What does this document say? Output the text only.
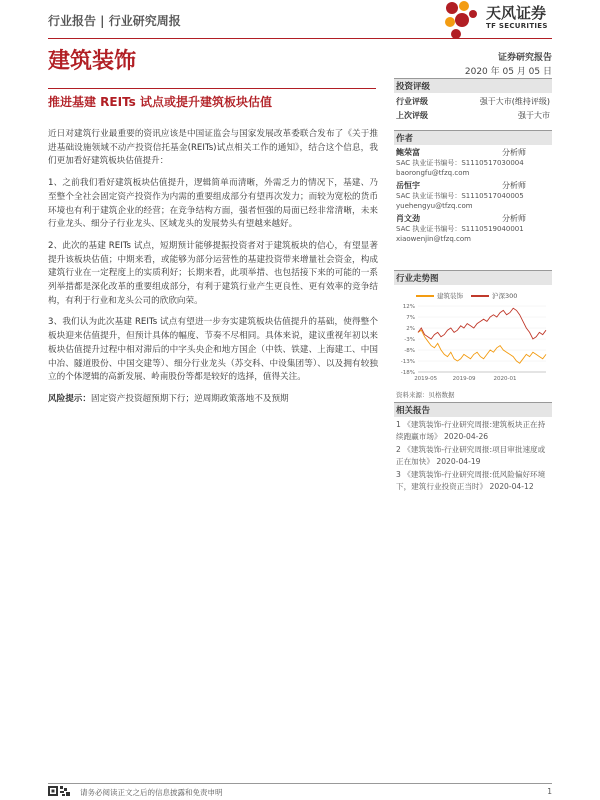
行业报告 | 行业研究周报	天风证券
TF SECURITIES
建筑装饰	证券研究报告
2020 年 05 月 05 日
推进基建 REITs 试点或提升建筑板块估值

近日对建筑行业最重要的资讯应该是中国证监会与国家发展改革委联合发布了《关于推进基础设施领域不动产投资信托基金(REITs)试点相关工作的通知》，结合这个信息，我们更加看好建筑板块估值提升：

1、之前我们看好建筑板块估值提升，逻辑简单而清晰，外需乏力的情况下，基建、乃至整个全社会固定资产投资作为内需的重要组成部分有望再次发力；而较为宽松的货币环境也有利于建筑企业的经营；在竞争结构方面，强者恒强的局面已经非常清晰，未来行业龙头、细分子行业龙头、区域龙头的发展势头有望越来越好。

2、此次的基建 REITs 试点，短期预计能够提振投资者对于建筑板块的信心，有望显著提升该板块估值；中期来看，或能够为部分运营性的基建投资带来增量社会资金，构成建筑行业在一定程度上的实质利好；长期来看，此项举措、也包括接下来的可能的一系列举措都是深化改革的重要组成部分，有利于建筑行业产生更良性、更有效率的竞争结构，有利于行业和龙头公司的欣欣向荣。

3、我们认为此次基建 REITs 试点有望进一步夯实建筑板块估值提升的基础，使得整个板块迎来估值提升，但预计具体的幅度、节奏不尽相同。具体来说，建议重视年初以来板块估值提升过程中相对滞后的中字头央企和地方国企（中铁、铁建、上海建工、中国中冶、隧道股份、中国交建等）、细分行业龙头（苏交科、中设集团等）、以及拥有较独立的个体逻辑的高新发展、岭南股份等都是较好的选择，值得关注。

风险提示：固定资产投资超预期下行；逆周期政策落地不及预期

投资评级
行业评级	强于大市(维持评级)
上次评级	强于大市
作者
鲍荣富	分析师
SAC 执业证书编号：S1110517030004
baorongfu@tfzq.com
岳恒宇	分析师
SAC 执业证书编号：S1110517040005
yuehengyu@tfzq.com
肖文劲	分析师
SAC 执业证书编号：S1110519040001
xiaowenjin@tfzq.com
行业走势图
建筑装饰	沪深300
12%
7%
2%
-3%
-8%
-13%
-18%
2019-05	2019-09	2020-01
资料来源：贝格数据
相关报告
1 《建筑装饰-行业研究周报:建筑板块正在持续跑赢市场》 2020-04-26
2 《建筑装饰-行业研究周报:项目审批速度或正在加快》 2020-04-19
3 《建筑装饰-行业研究周报:低风险偏好环境下，建筑行业投资正当时》 2020-04-12
请务必阅读正文之后的信息披露和免责申明	1
